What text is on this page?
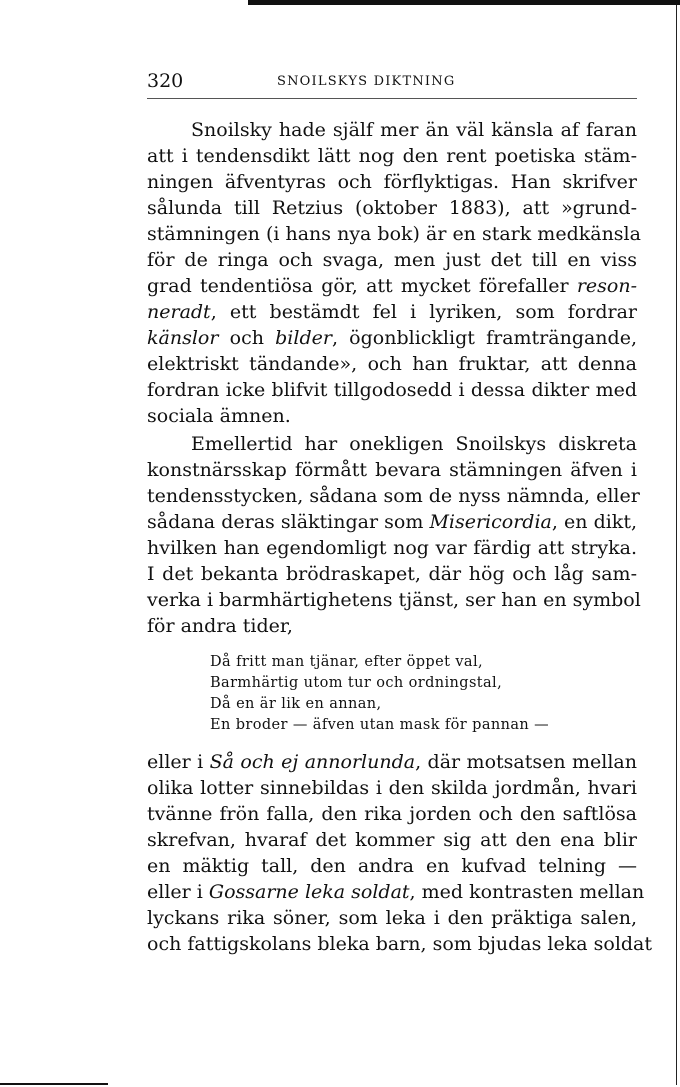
320	SNOILSKYS DIKTNING
Snoilsky hade själf mer än väl känsla af faran
att i tendensdikt lätt nog den rent poetiska stäm-
ningen äfventyras och förflyktigas. Han skrifver
sålunda till Retzius (oktober 1883), att »grund-
stämningen (i hans nya bok) är en stark medkänsla
för de ringa och svaga, men just det till en viss
grad tendentiösa gör, att mycket förefaller reson-
neradt, ett bestämdt fel i lyriken, som fordrar
känslor och bilder, ögonblickligt framträngande,
elektriskt tändande», och han fruktar, att denna
fordran icke blifvit tillgodosedd i dessa dikter med
sociala ämnen.
Emellertid har onekligen Snoilskys diskreta
konstnärsskap förmått bevara stämningen äfven i
tendensstycken, sådana som de nyss nämnda, eller
sådana deras släktingar som Misericordia, en dikt,
hvilken han egendomligt nog var färdig att stryka.
I det bekanta brödraskapet, där hög och låg sam-
verka i barmhärtighetens tjänst, ser han en symbol
för andra tider,
Då fritt man tjänar, efter öppet val,
Barmhärtig utom tur och ordningstal,
Då en är lik en annan,
En broder — äfven utan mask för pannan —
eller i Så och ej annorlunda, där motsatsen mellan
olika lotter sinnebildas i den skilda jordmån, hvari
tvänne frön falla, den rika jorden och den saftlösa
skrefvan, hvaraf det kommer sig att den ena blir
en mäktig tall, den andra en kufvad telning —
eller i Gossarne leka soldat, med kontrasten mellan
lyckans rika söner, som leka i den präktiga salen,
och fattigskolans bleka barn, som bjudas leka soldat
